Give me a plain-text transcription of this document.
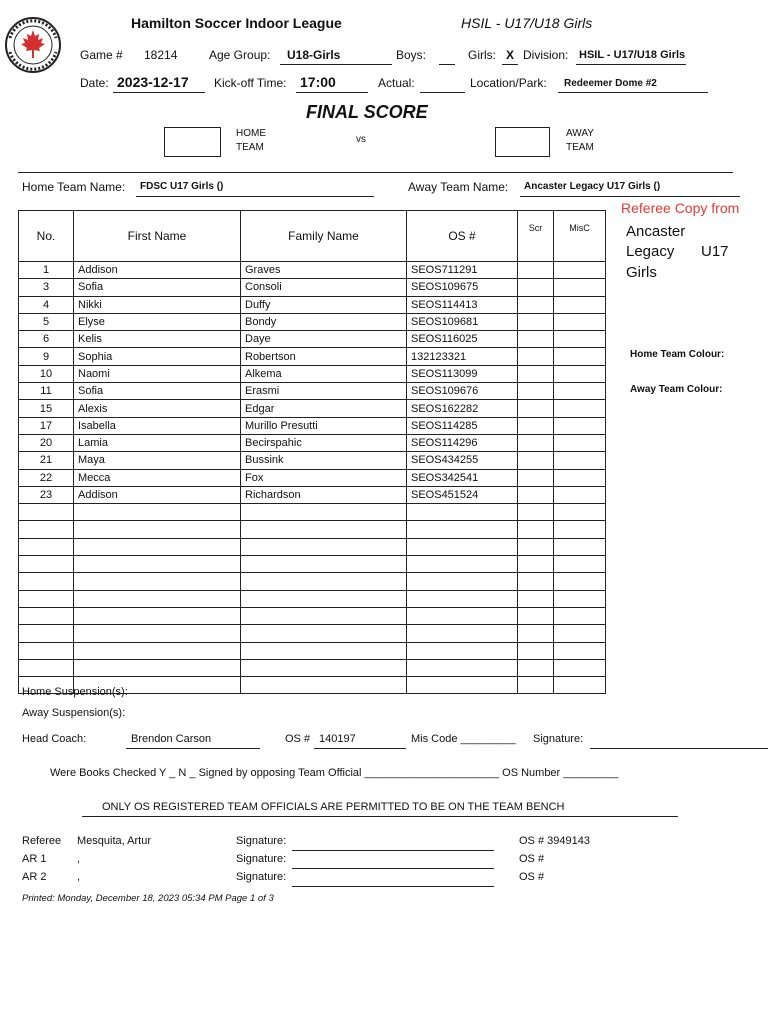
Hamilton Soccer Indoor League	HSIL - U17/U18 Girls
Game # 18214	Age Group: U18-Girls	Boys:	Girls: X Division: HSIL - U17/U18 Girls
Date: 2023-12-17 Kick-off Time: 17:00	Actual:	Location/Park: Redeemer Dome #2
FINAL SCORE
HOME
TEAM
vs
AWAY
TEAM
Home Team Name: FDSC U17 Girls ()	Away Team Name: Ancaster Legacy U17 Girls ()
No.	First Name	Family Name	OS #	Scr	MisC
1	Addison	Graves	SEOS711291		
3	Sofia	Consoli	SEOS109675		
4	Nikki	Duffy	SEOS114413		
5	Elyse	Bondy	SEOS109681		
6	Kelis	Daye	SEOS116025		
9	Sophia	Robertson	132123321		
10	Naomi	Alkema	SEOS113099		
11	Sofia	Erasmi	SEOS109676		
15	Alexis	Edgar	SEOS162282		
17	Isabella	Murillo Presutti	SEOS114285		
20	Lamia	Becirspahic	SEOS114296		
21	Maya	Bussink	SEOS434255		
22	Mecca	Fox	SEOS342541		
23	Addison	Richardson	SEOS451524		

Referee Copy from
Ancaster
Legacy U17
Girls
Home Team Colour:
Away Team Colour:
Home Suspension(s):
Away Suspension(s):
Head Coach:	Brendon Carson	OS # 140197	Mis Code _________ Signature:
Were Books Checked Y _ N _ Signed by opposing Team Official ______________________ OS Number _________
ONLY OS REGISTERED TEAM OFFICIALS ARE PERMITTED TO BE ON THE TEAM BENCH
Referee Mesquita, Artur	Signature:	OS # 3949143
AR 1	,	Signature:	OS #
AR 2	,	Signature:	OS #
Printed: Monday, December 18, 2023 05:34 PM Page 1 of 3
